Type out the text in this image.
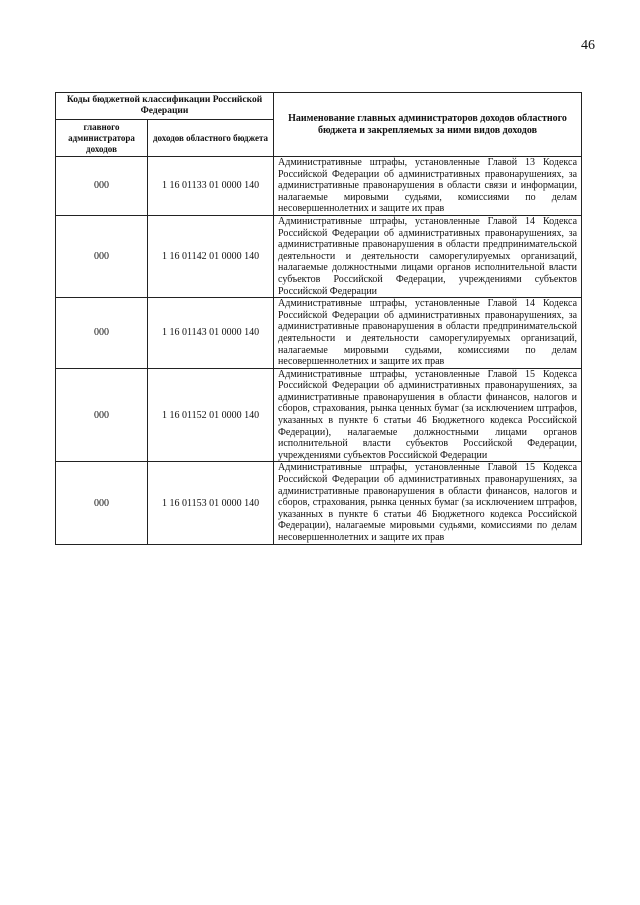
46
Коды бюджетной классификации Российской Федерации		Наименование главных администраторов доходов областного бюджета и закрепляемых за ними видов доходов
главного администратора доходов	доходов областного бюджета	
000	1 16 01133 01 0000 140	Административные штрафы, установленные Главой 13 Кодекса Российской Федерации об административных правонарушениях, за административные правонарушения в области связи и информации, налагаемые мировыми судьями, комиссиями по делам несовершеннолетних и защите их прав
000	1 16 01142 01 0000 140	Административные штрафы, установленные Главой 14 Кодекса Российской Федерации об административных правонарушениях, за административные правонарушения в области предпринимательской деятельности и деятельности саморегулируемых организаций, налагаемые должностными лицами органов исполнительной власти субъектов Российской Федерации, учреждениями субъектов Российской Федерации
000	1 16 01143 01 0000 140	Административные штрафы, установленные Главой 14 Кодекса Российской Федерации об административных правонарушениях, за административные правонарушения в области предпринимательской деятельности и деятельности саморегулируемых организаций, налагаемые мировыми судьями, комиссиями по делам несовершеннолетних и защите их прав
000	1 16 01152 01 0000 140	Административные штрафы, установленные Главой 15 Кодекса Российской Федерации об административных правонарушениях, за административные правонарушения в области финансов, налогов и сборов, страхования, рынка ценных бумаг (за исключением штрафов, указанных в пункте 6 статьи 46 Бюджетного кодекса Российской Федерации), налагаемые должностными лицами органов исполнительной власти субъектов Российской Федерации, учреждениями субъектов Российской Федерации
000	1 16 01153 01 0000 140	Административные штрафы, установленные Главой 15 Кодекса Российской Федерации об административных правонарушениях, за административные правонарушения в области финансов, налогов и сборов, страхования, рынка ценных бумаг (за исключением штрафов, указанных в пункте 6 статьи 46 Бюджетного кодекса Российской Федерации), налагаемые мировыми судьями, комиссиями по делам несовершеннолетних и защите их прав
